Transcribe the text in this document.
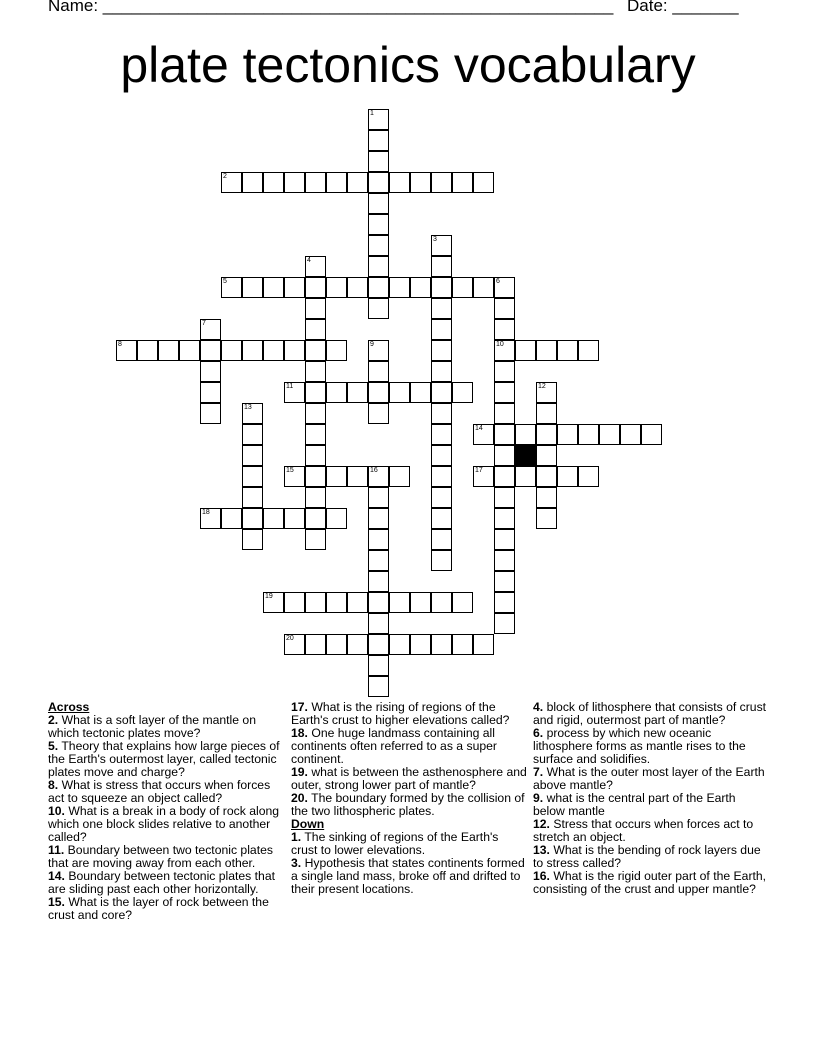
Name: ______________________________________________________ Date: _______
plate tectonics vocabulary
1
2
3
4
5	6
10
7
8	9
11	12
13
14
15	16	17
18
19
20
Across
2. What is a soft layer of the mantle on which tectonic plates move?
5. Theory that explains how large pieces of the Earth's outermost layer, called tectonic plates move and charge?
8. What is stress that occurs when forces act to squeeze an object called?
10. What is a break in a body of rock along which one block slides relative to another called?
11. Boundary between two tectonic plates that are moving away from each other.
14. Boundary between tectonic plates that are sliding past each other horizontally.
15. What is the layer of rock between the crust and core?
17. What is the rising of regions of the Earth's crust to higher elevations called?
18. One huge landmass containing all continents often referred to as a super continent.
19. what is between the asthenosphere and outer, strong lower part of mantle?
20. The boundary formed by the collision of the two lithospheric plates.
Down
1. The sinking of regions of the Earth's crust to lower elevations.
3. Hypothesis that states continents formed a single land mass, broke off and drifted to their present locations.
4. block of lithosphere that consists of crust and rigid, outermost part of mantle?
6. process by which new oceanic lithosphere forms as mantle rises to the surface and solidifies.
7. What is the outer most layer of the Earth above mantle?
9. what is the central part of the Earth below mantle
12. Stress that occurs when forces act to stretch an object.
13. What is the bending of rock layers due to stress called?
16. What is the rigid outer part of the Earth, consisting of the crust and upper mantle?
